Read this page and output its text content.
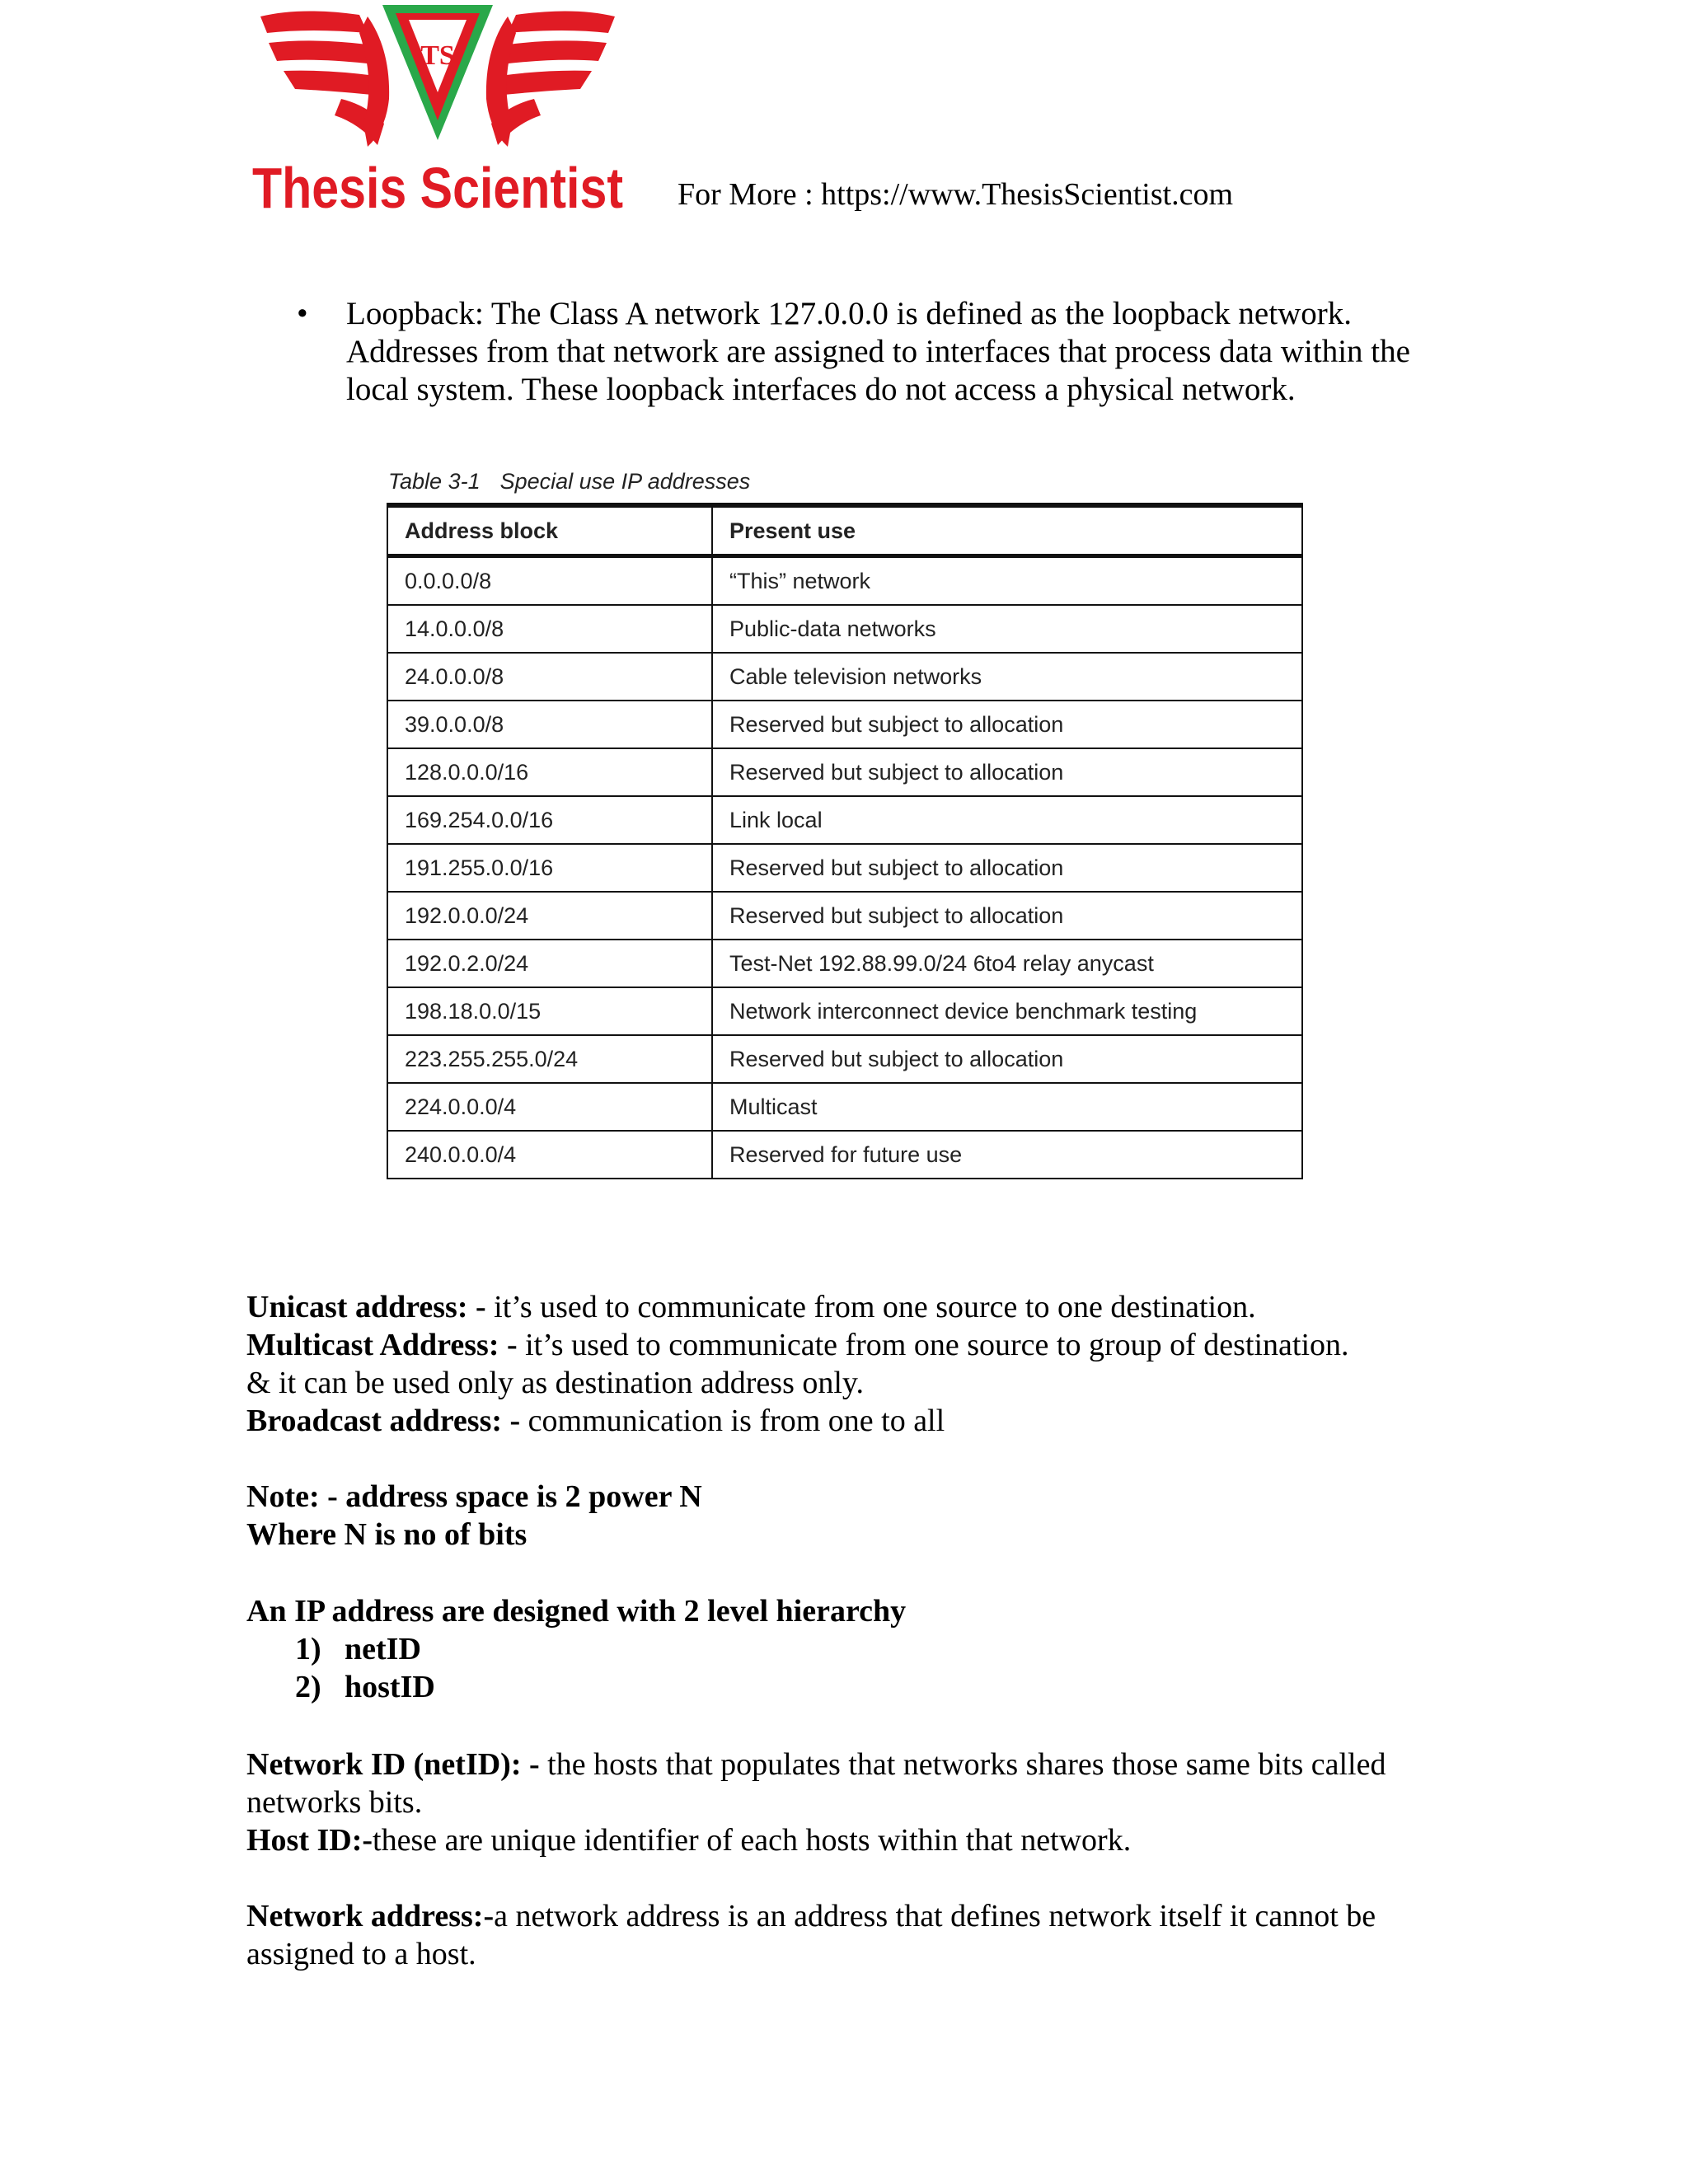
TS
Thesis Scientist For More : https://www.ThesisScientist.com
• Loopback: The Class A network 127.0.0.0 is defined as the loopback network. Addresses from that network are assigned to interfaces that process data within the local system. These loopback interfaces do not access a physical network.
Table 3-1 Special use IP addresses
Address block	Present use
0.0.0.0/8	“This” network
14.0.0.0/8	Public-data networks
24.0.0.0/8	Cable television networks
39.0.0.0/8	Reserved but subject to allocation
128.0.0.0/16	Reserved but subject to allocation
169.254.0.0/16	Link local
191.255.0.0/16	Reserved but subject to allocation
192.0.0.0/24	Reserved but subject to allocation
192.0.2.0/24	Test-Net 192.88.99.0/24 6to4 relay anycast
198.18.0.0/15	Network interconnect device benchmark testing
223.255.255.0/24	Reserved but subject to allocation
224.0.0.0/4	Multicast
240.0.0.0/4	Reserved for future use
Unicast address: - it’s used to communicate from one source to one destination.
Multicast Address: - it’s used to communicate from one source to group of destination.
& it can be used only as destination address only.
Broadcast address: - communication is from one to all
Note: - address space is 2 power N
Where N is no of bits
An IP address are designed with 2 level hierarchy
1) netID
2) hostID
Network ID (netID): - the hosts that populates that networks shares those same bits called networks bits.
Host ID:-these are unique identifier of each hosts within that network.
Network address:-a network address is an address that defines network itself it cannot be assigned to a host.
